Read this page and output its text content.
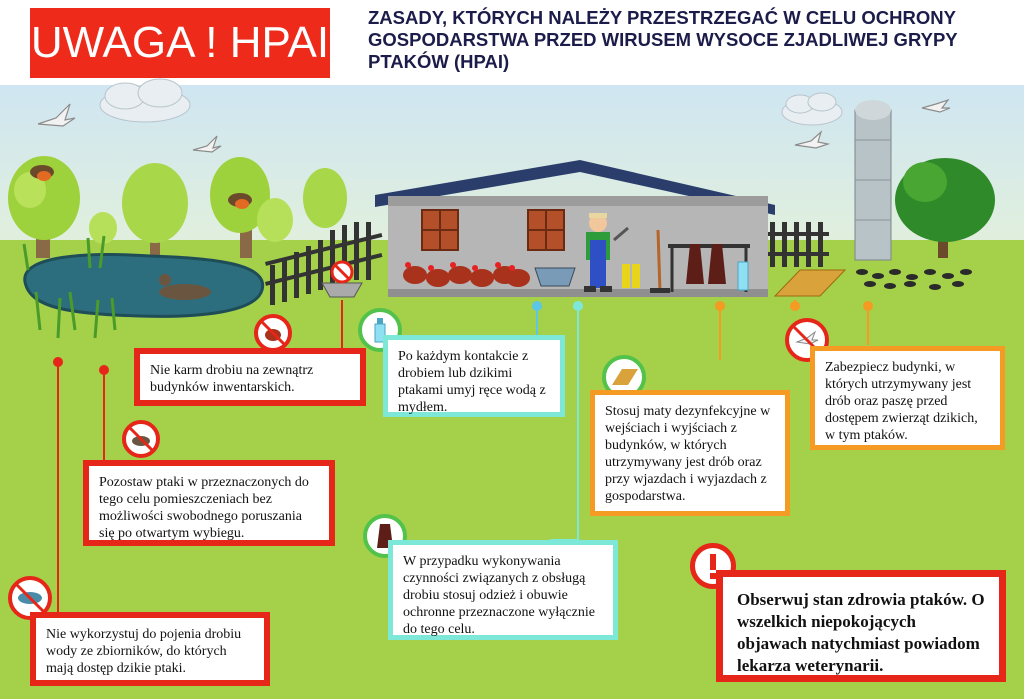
UWAGA ! HPAI
ZASADY, KTÓRYCH NALEŻY PRZESTRZEGAĆ W CELU OCHRONY GOSPODARSTWA PRZED WIRUSEM WYSOCE ZJADLIWEJ GRYPY PTAKÓW (HPAI)
Nie karm drobiu na zewnątrz budynków inwentarskich.
Po każdym kontakcie z drobiem lub dzikimi ptakami umyj ręce wodą z mydłem.
Pozostaw ptaki w przeznaczonych do tego celu pomieszczeniach bez możliwości swobodnego poruszania się po otwartym wybiegu.
Stosuj maty dezynfekcyjne w wejściach i wyjściach z budynków, w których utrzymywany jest drób oraz przy wjazdach i wyjazdach z gospodarstwa.
Zabezpiecz budynki, w których utrzymywany jest drób oraz paszę przed dostępem zwierząt dzikich, w tym ptaków.
W przypadku wykonywania czynności związanych z obsługą drobiu stosuj odzież i obuwie ochronne przeznaczone wyłącznie do tego celu.
Nie wykorzystuj do pojenia drobiu wody ze zbiorników, do których mają dostęp dzikie ptaki.
Obserwuj stan zdrowia ptaków. O wszelkich niepokojących objawach natychmiast powiadom lekarza weterynarii.
